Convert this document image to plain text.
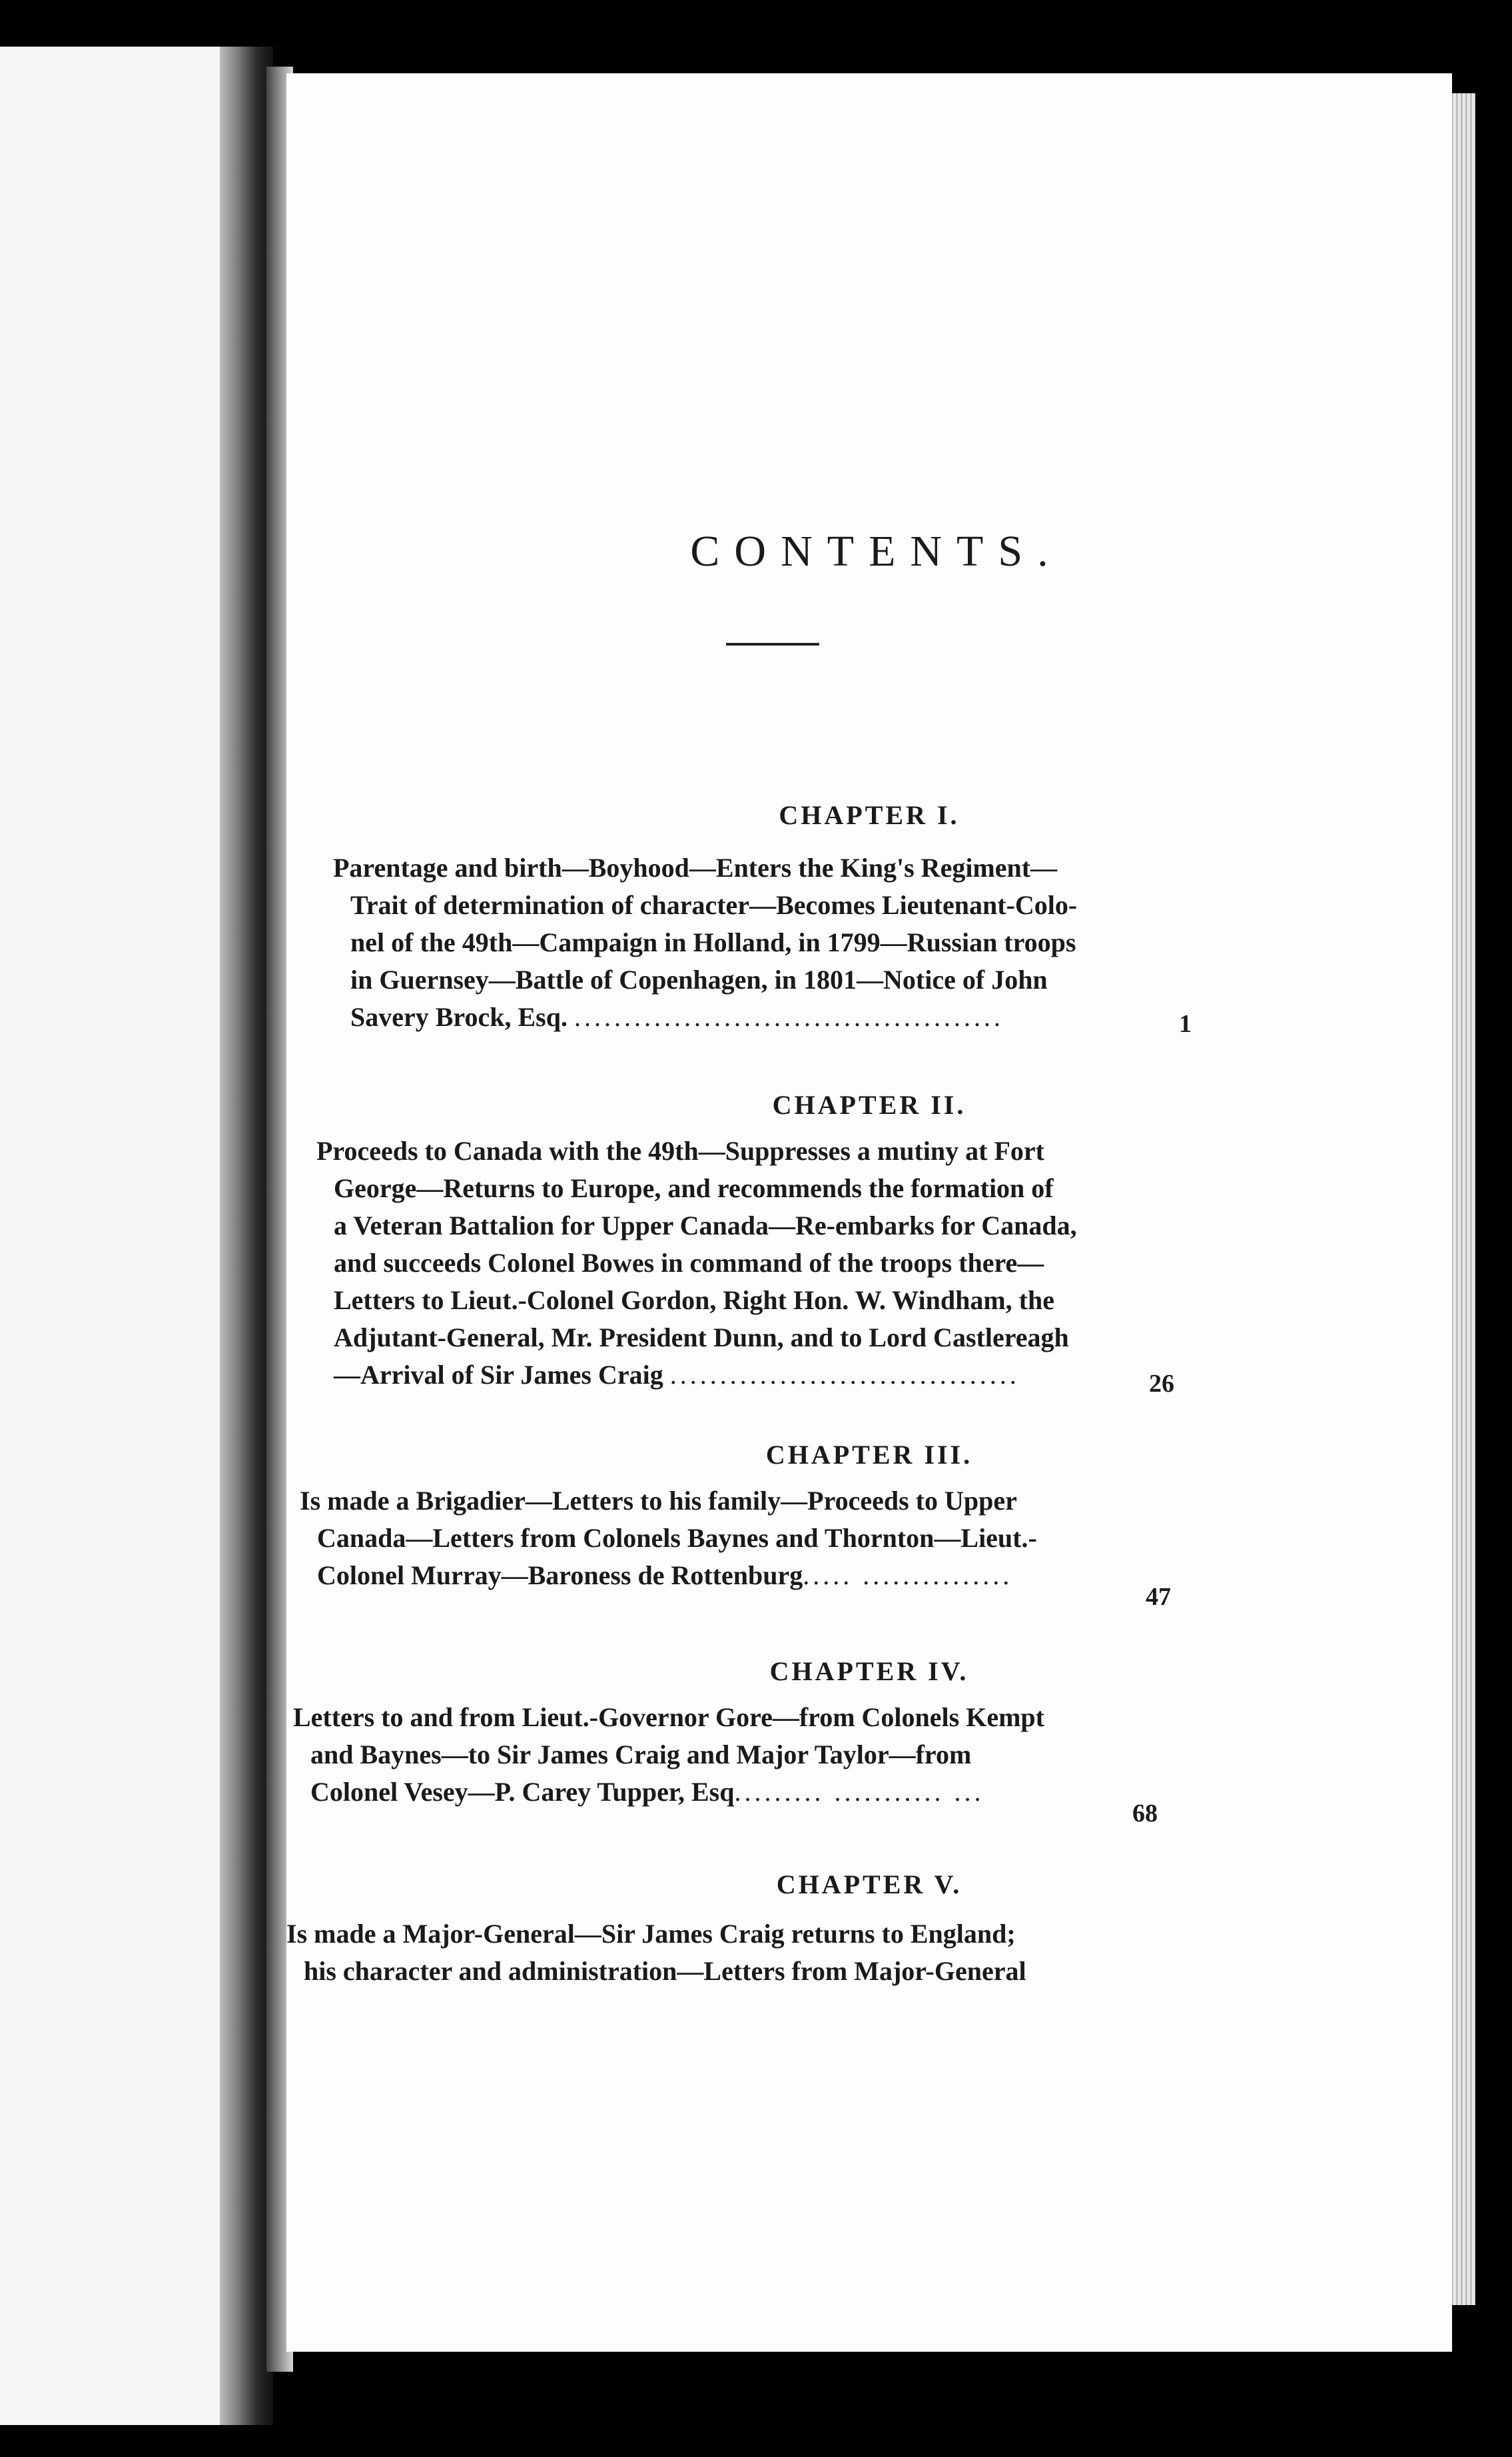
CONTENTS.
CHAPTER I.
Parentage and birth—Boyhood—Enters the King's Regiment—
Trait of determination of character—Becomes Lieutenant-Colo-
nel of the 49th—Campaign in Holland, in 1799—Russian troops
in Guernsey—Battle of Copenhagen, in 1801—Notice of John
Savery Brock, Esq. ...........................................	1
CHAPTER II.
Proceeds to Canada with the 49th—Suppresses a mutiny at Fort
George—Returns to Europe, and recommends the formation of
a Veteran Battalion for Upper Canada—Re-embarks for Canada,
and succeeds Colonel Bowes in command of the troops there—
Letters to Lieut.-Colonel Gordon, Right Hon. W. Windham, the
Adjutant-General, Mr. President Dunn, and to Lord Castlereagh
—Arrival of Sir James Craig ...................................	26
CHAPTER III.
Is made a Brigadier—Letters to his family—Proceeds to Upper
Canada—Letters from Colonels Baynes and Thornton—Lieut.-
Colonel Murray—Baroness de Rottenburg..... ...............
47
CHAPTER IV.
Letters to and from Lieut.-Governor Gore—from Colonels Kempt
and Baynes—to Sir James Craig and Major Taylor—from
Colonel Vesey—P. Carey Tupper, Esq......... ........... ...
68
CHAPTER V.
Is made a Major-General—Sir James Craig returns to England;
his character and administration—Letters from Major-General
